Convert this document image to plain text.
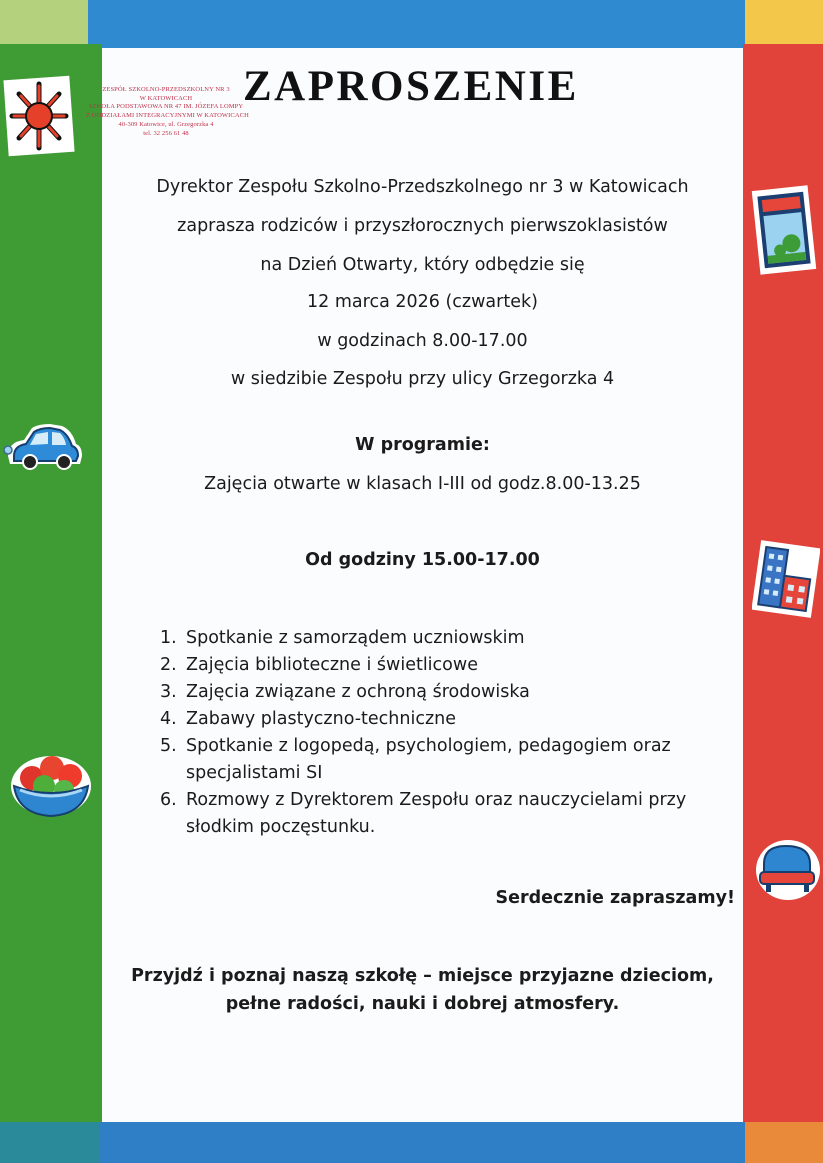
ZESPÓŁ SZKOLNO-PRZEDSZKOLNY NR 3
W KATOWICACH
SZKOŁA PODSTAWOWA NR 47 IM. JÓZEFA LOMPY
Z ODDZIAŁAMI INTEGRACYJNYMI W KATOWICACH
40-309 Katowice, ul. Grzegorzka 4
tel. 32 256 61 48
ZAPROSZENIE
Dyrektor Zespołu Szkolno-Przedszkolnego nr 3 w Katowicach
zaprasza rodziców i przyszłorocznych pierwszoklasistów
na Dzień Otwarty, który odbędzie się
12 marca 2026 (czwartek)
w godzinach 8.00-17.00
w siedzibie Zespołu przy ulicy Grzegorzka 4
W programie:
Zajęcia otwarte w klasach I-III od godz.8.00-13.25
Od godziny 15.00-17.00
1. Spotkanie z samorządem uczniowskim
2. Zajęcia biblioteczne i świetlicowe
3. Zajęcia związane z ochroną środowiska
4. Zabawy plastyczno-techniczne
5. Spotkanie z logopedą, psychologiem, pedagogiem oraz specjalistami SI
6. Rozmowy z Dyrektorem Zespołu oraz nauczycielami przy słodkim poczęstunku.
Serdecznie zapraszamy!
Przyjdź i poznaj naszą szkołę – miejsce przyjazne dzieciom,
pełne radości, nauki i dobrej atmosfery.
